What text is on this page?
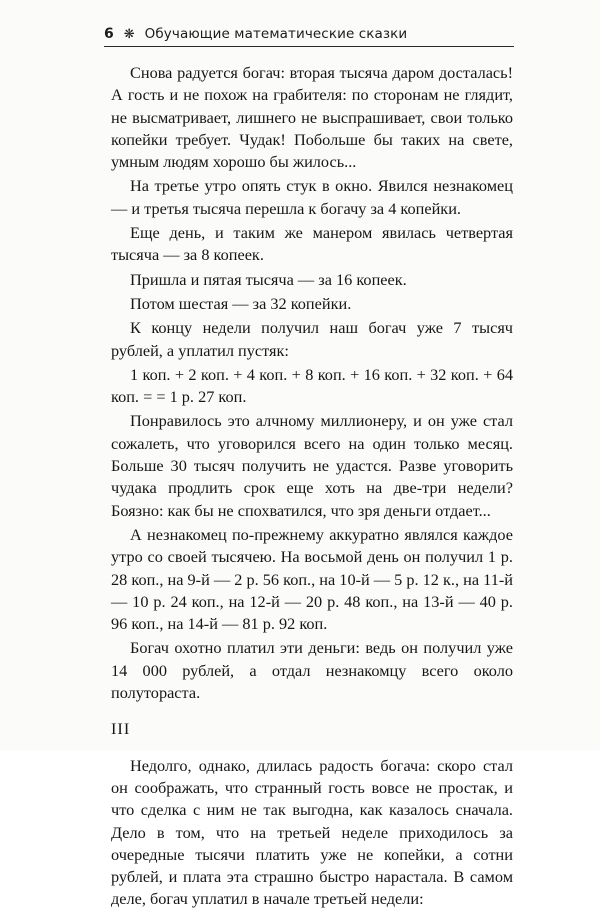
6 ❋ Обучающие математические сказки

Снова радуется богач: вторая тысяча даром досталась! А гость и не похож на грабителя: по сторонам не глядит, не высматривает, лишнего не выспрашивает, свои только копейки требует. Чудак! Побольше бы таких на свете, умным людям хорошо бы жилось...

На третье утро опять стук в окно. Явился незнакомец — и третья тысяча перешла к богачу за 4 копейки.

Еще день, и таким же манером явилась четвертая тысяча — за 8 копеек.

Пришла и пятая тысяча — за 16 копеек.

Потом шестая — за 32 копейки.

К концу недели получил наш богач уже 7 тысяч рублей, а уплатил пустяк:

1 коп. + 2 коп. + 4 коп. + 8 коп. + 16 коп. + 32 коп. + 64 коп. = = 1 р. 27 коп.

Понравилось это алчному миллионеру, и он уже стал сожалеть, что уговорился всего на один только месяц. Больше 30 тысяч получить не удастся. Разве уговорить чудака продлить срок еще хоть на две-три недели? Боязно: как бы не спохватился, что зря деньги отдает...

А незнакомец по-прежнему аккуратно являлся каждое утро со своей тысячею. На восьмой день он получил 1 р. 28 коп., на 9-й — 2 р. 56 коп., на 10-й — 5 р. 12 к., на 11-й — 10 р. 24 коп., на 12-й — 20 р. 48 коп., на 13-й — 40 р. 96 коп., на 14-й — 81 р. 92 коп.

Богач охотно платил эти деньги: ведь он получил уже 14 000 рублей, а отдал незнакомцу всего около полутораста.

III

Недолго, однако, длилась радость богача: скоро стал он соображать, что странный гость вовсе не простак, и что сделка с ним не так выгодна, как казалось сначала. Дело в том, что на третьей неделе приходилось за очередные тысячи платить уже не копейки, а сотни рублей, и плата эта страшно быстро нарастала. В самом деле, богач уплатил в начале третьей недели:
